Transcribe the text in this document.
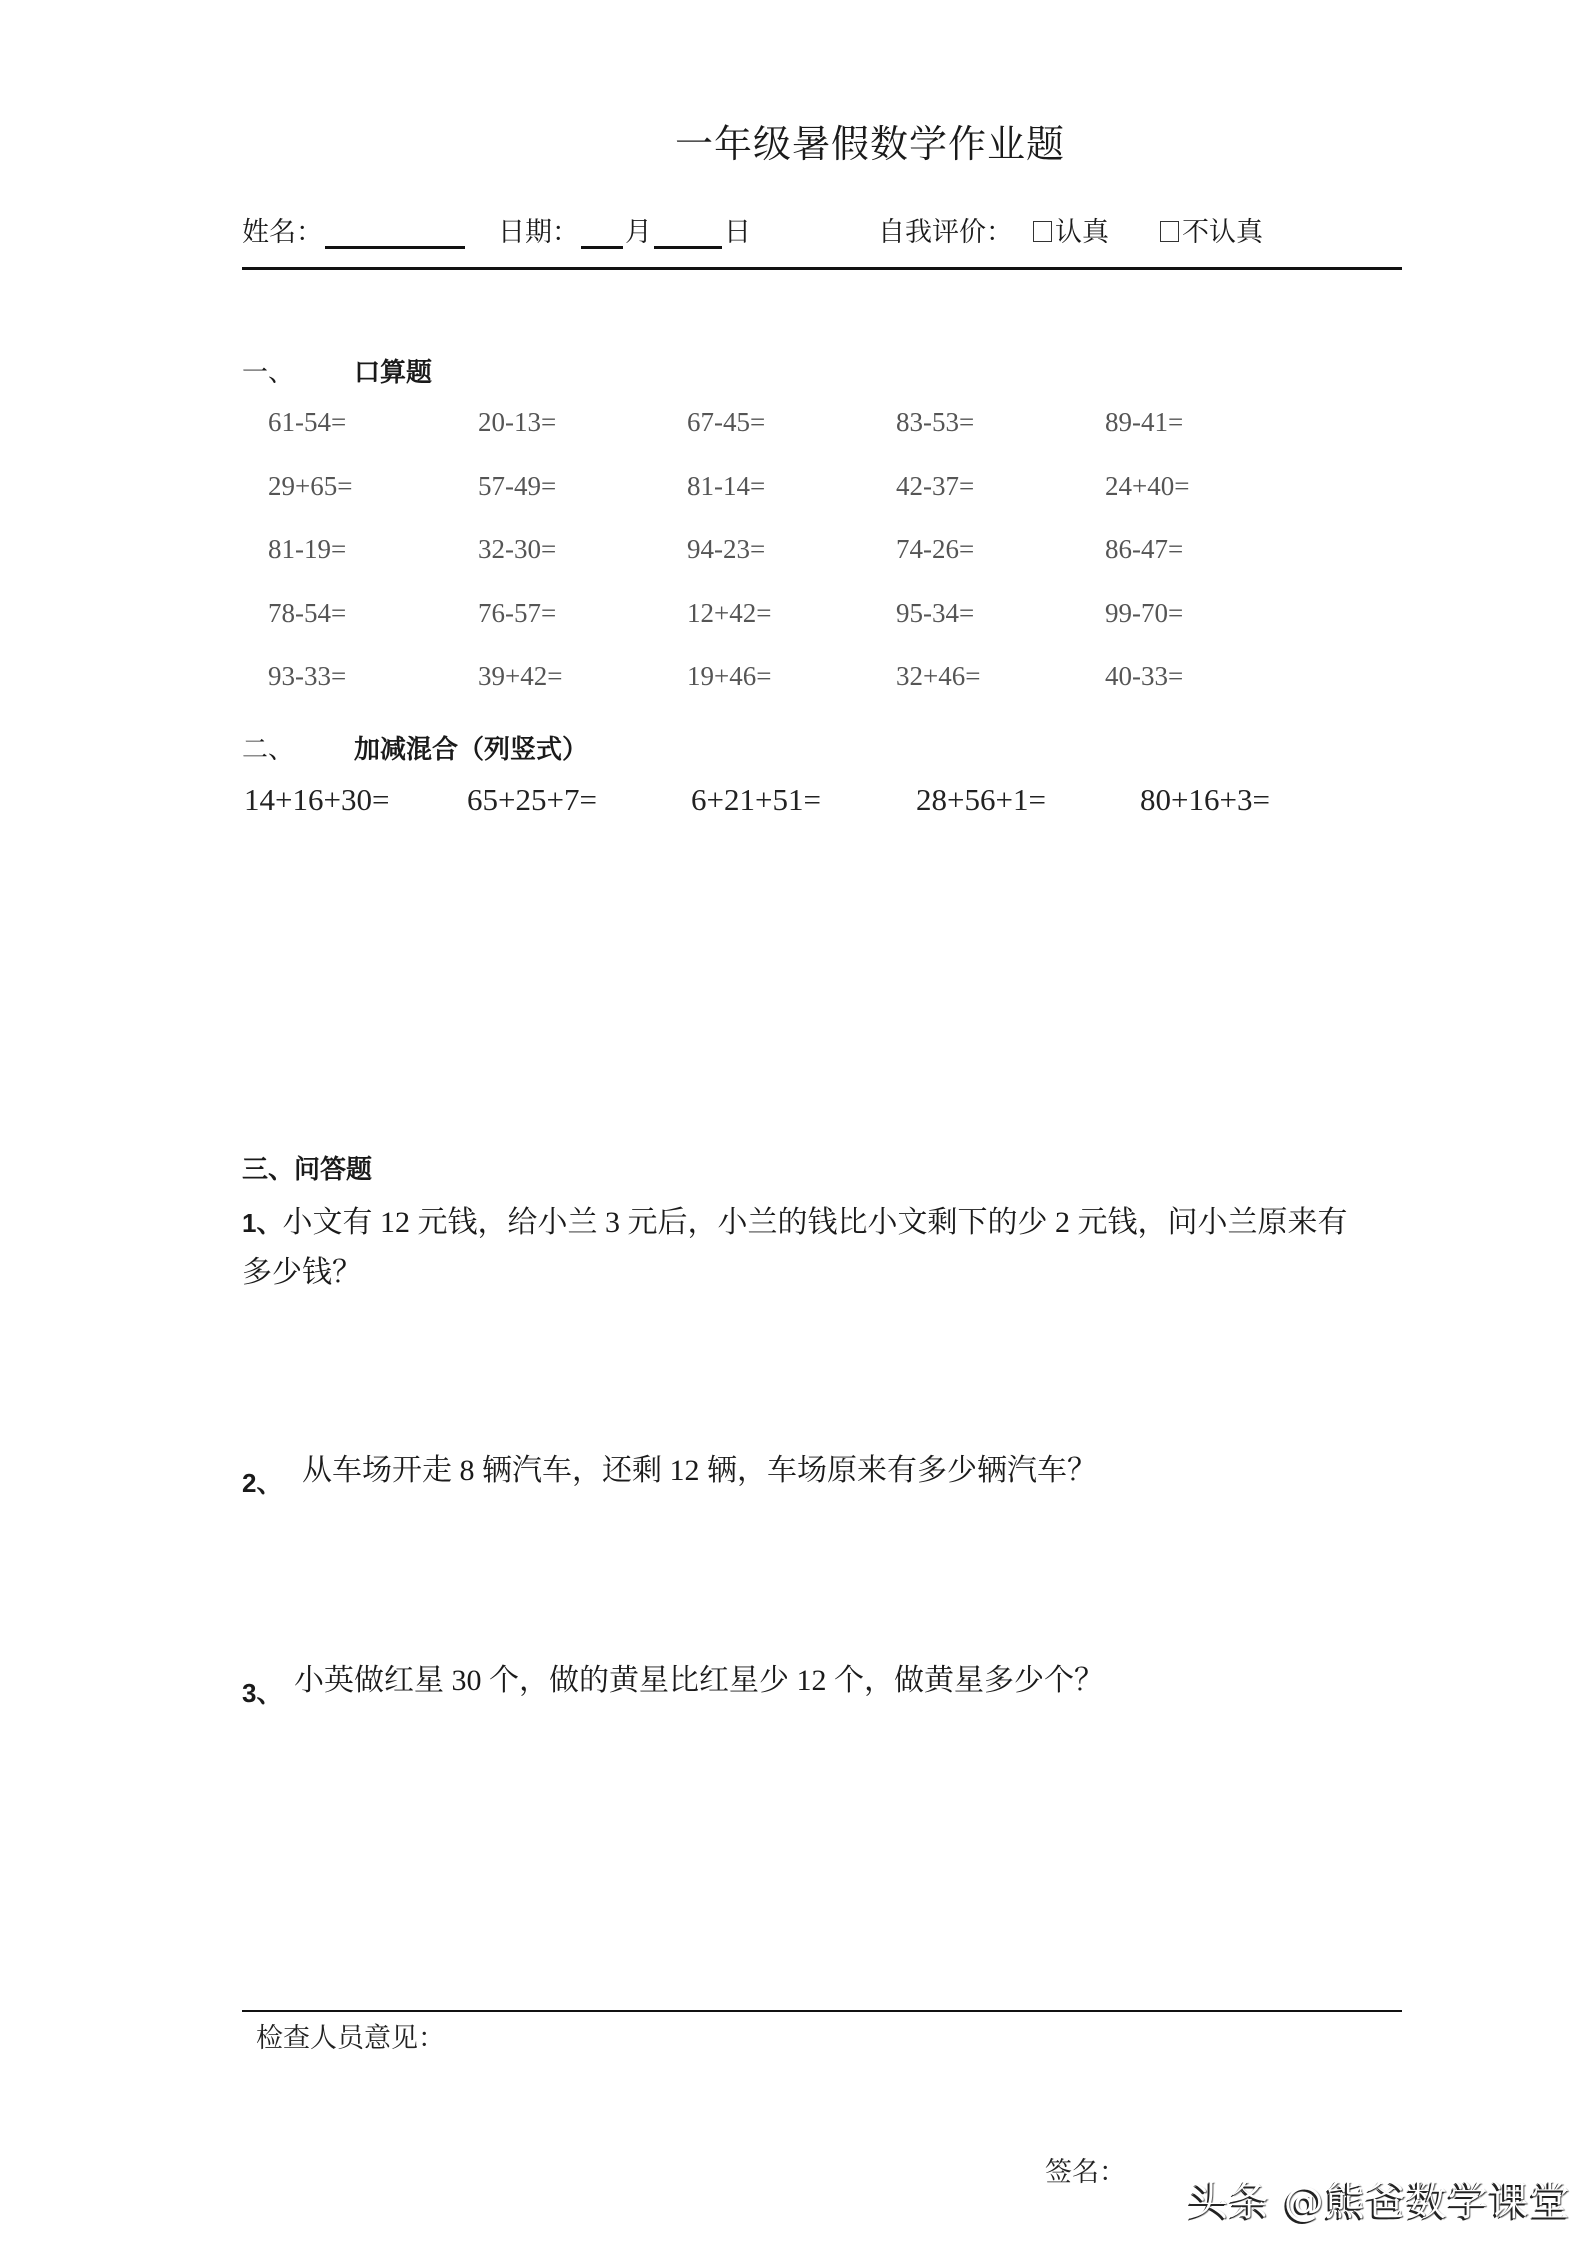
一年级暑假数学作业题
姓名：	日期： 月	日	自我评价：	认真	不认真
一、 口算题
61-54=	20-13=	67-45=	83-53=	89-41=
29+65=	57-49=	81-14=	42-37=	24+40=
81-19=	32-30=	94-23=	74-26=	86-47=
78-54=	76-57=	12+42=	95-34=	99-70=
93-33=	39+42=	19+46=	32+46=	40-33=
二、 加减混合（列竖式）
14+16+30=	65+25+7=	6+21+51=	28+56+1=	80+16+3=
三、问答题
1、小文有 12 元钱，给小兰 3 元后，小兰的钱比小文剩下的少 2 元钱，问小兰原来有
多少钱？
2、 从车场开走 8 辆汽车，还剩 12 辆，车场原来有多少辆汽车？
3、 小英做红星 30 个，做的黄星比红星少 12 个，做黄星多少个？
检查人员意见：
签名：
头条 @熊爸数学课堂
